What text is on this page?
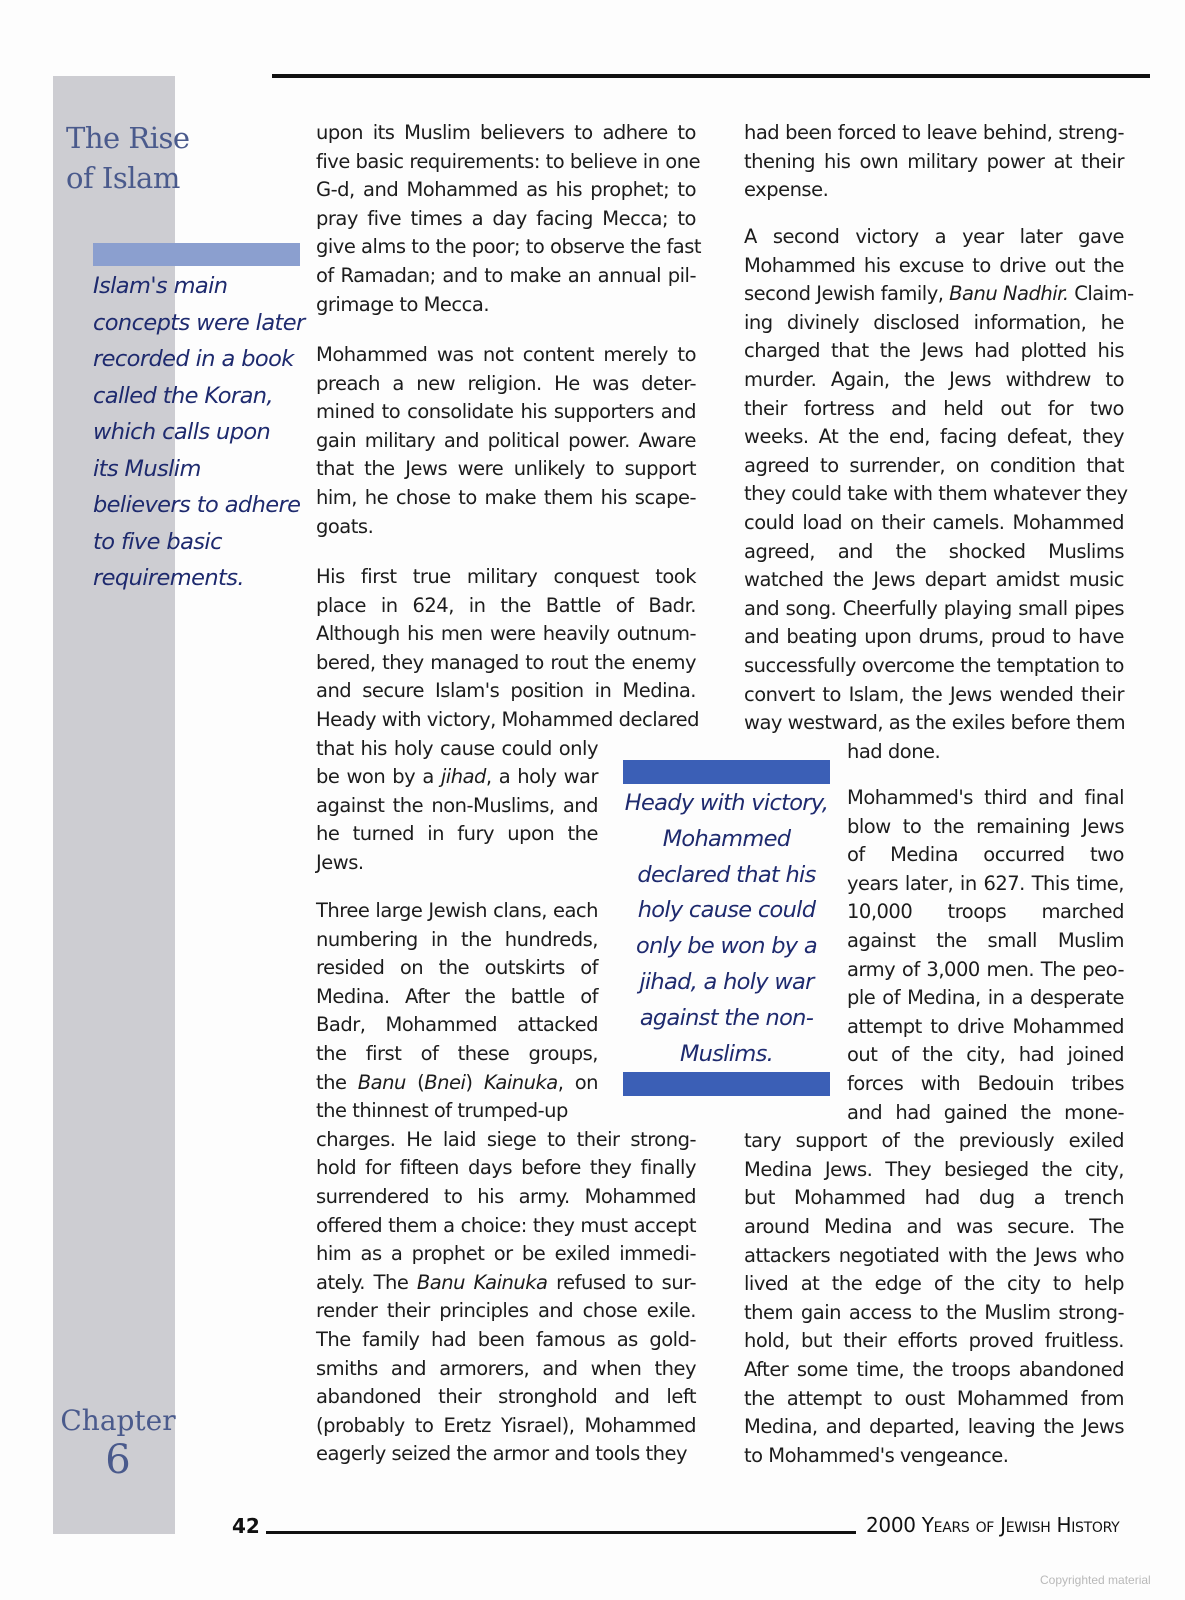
The Rise
of Islam
Islam's main
concepts were later
recorded in a book
called the Koran,
which calls upon
its Muslim
believers to adhere
to five basic
requirements.
Chapter
6
upon its Muslim believers to adhere to
five basic requirements: to believe in one
G-d, and Mohammed as his prophet; to
pray five times a day facing Mecca; to
give alms to the poor; to observe the fast
of Ramadan; and to make an annual pil-
grimage to Mecca.
Mohammed was not content merely to
preach a new religion. He was deter-
mined to consolidate his supporters and
gain military and political power. Aware
that the Jews were unlikely to support
him, he chose to make them his scape-
goats.
His first true military conquest took
place in 624, in the Battle of Badr.
Although his men were heavily outnum-
bered, they managed to rout the enemy
and secure Islam's position in Medina.
Heady with victory, Mohammed declared
that his holy cause could only
be won by a jihad, a holy war
against the non-Muslims, and
he turned in fury upon the
Jews.
Three large Jewish clans, each
numbering in the hundreds,
resided on the outskirts of
Medina. After the battle of
Badr, Mohammed attacked
the first of these groups,
the Banu (Bnei) Kainuka, on
the thinnest of trumped-up
charges. He laid siege to their strong-
hold for fifteen days before they finally
surrendered to his army. Mohammed
offered them a choice: they must accept
him as a prophet or be exiled immedi-
ately. The Banu Kainuka refused to sur-
render their principles and chose exile.
The family had been famous as gold-
smiths and armorers, and when they
abandoned their stronghold and left
(probably to Eretz Yisrael), Mohammed
eagerly seized the armor and tools they
had been forced to leave behind, streng-
thening his own military power at their
expense.
A second victory a year later gave
Mohammed his excuse to drive out the
second Jewish family, Banu Nadhir. Claim-
ing divinely disclosed information, he
charged that the Jews had plotted his
murder. Again, the Jews withdrew to
their fortress and held out for two
weeks. At the end, facing defeat, they
agreed to surrender, on condition that
they could take with them whatever they
could load on their camels. Mohammed
agreed, and the shocked Muslims
watched the Jews depart amidst music
and song. Cheerfully playing small pipes
and beating upon drums, proud to have
successfully overcome the temptation to
convert to Islam, the Jews wended their
way westward, as the exiles before them
had done.
Mohammed's third and final
blow to the remaining Jews
of Medina occurred two
years later, in 627. This time,
10,000 troops marched
against the small Muslim
army of 3,000 men. The peo-
ple of Medina, in a desperate
attempt to drive Mohammed
out of the city, had joined
forces with Bedouin tribes
and had gained the mone-
tary support of the previously exiled
Medina Jews. They besieged the city,
but Mohammed had dug a trench
around Medina and was secure. The
attackers negotiated with the Jews who
lived at the edge of the city to help
them gain access to the Muslim strong-
hold, but their efforts proved fruitless.
After some time, the troops abandoned
the attempt to oust Mohammed from
Medina, and departed, leaving the Jews
to Mohammed's vengeance.
Heady with victory,
Mohammed
declared that his
holy cause could
only be won by a
jihad, a holy war
against the non-
Muslims.
42	2000 Years of Jewish History
Copyrighted material
